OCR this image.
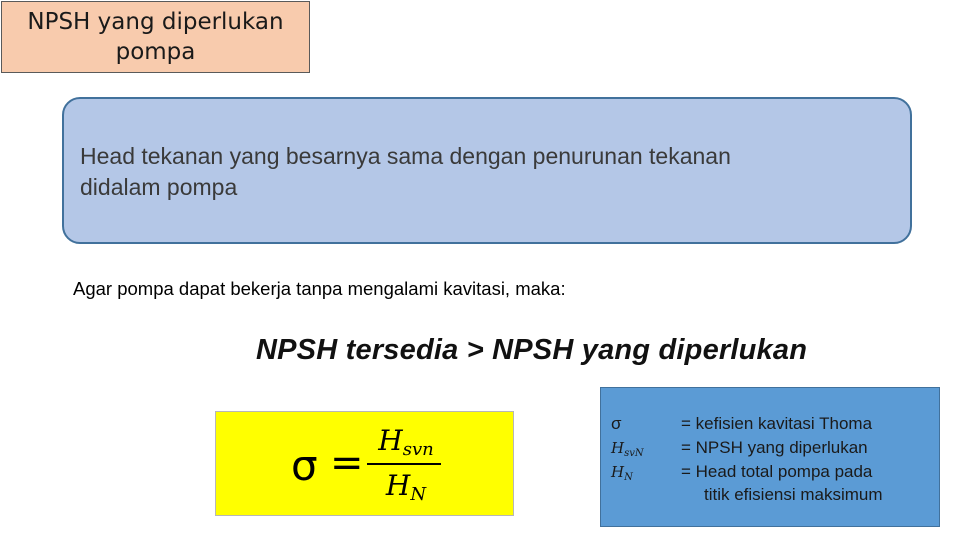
NPSH yang diperlukan
pompa
Head tekanan yang besarnya sama dengan penurunan tekanan
didalam pompa
Agar pompa dapat bekerja tanpa mengalami kavitasi, maka:
NPSH tersedia > NPSH yang diperlukan
$\sigma = H_{svn}$
$H_N$
σ	= kefisien kavitasi Thoma
$H_{svN}$	= NPSH yang diperlukan
$H_N$	= Head total pompa pada
titik efisiensi maksimum
